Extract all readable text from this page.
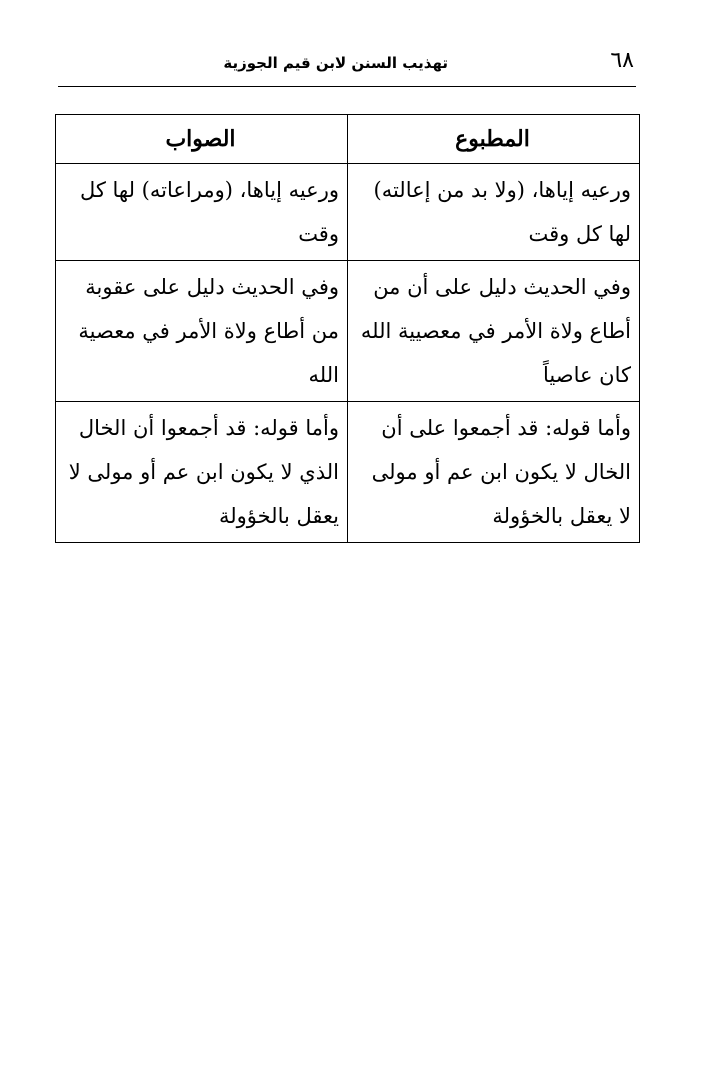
٦٨
تهذيب السنن لابن قيم الجوزية
المطبوع	الصواب
ورعيه إياها، (ولا بد من إعالته) لها كل وقت	ورعيه إياها، (ومراعاته) لها كل وقت
وفي الحديث دليل على أن من أطاع ولاة الأمر في معصيية الله كان عاصياً	وفي الحديث دليل على عقوبة من أطاع ولاة الأمر في معصية الله
وأما قوله: قد أجمعوا على أن الخال لا يكون ابن عم أو مولى لا يعقل بالخؤولة	وأما قوله: قد أجمعوا أن الخال الذي لا يكون ابن عم أو مولى لا يعقل بالخؤولة
